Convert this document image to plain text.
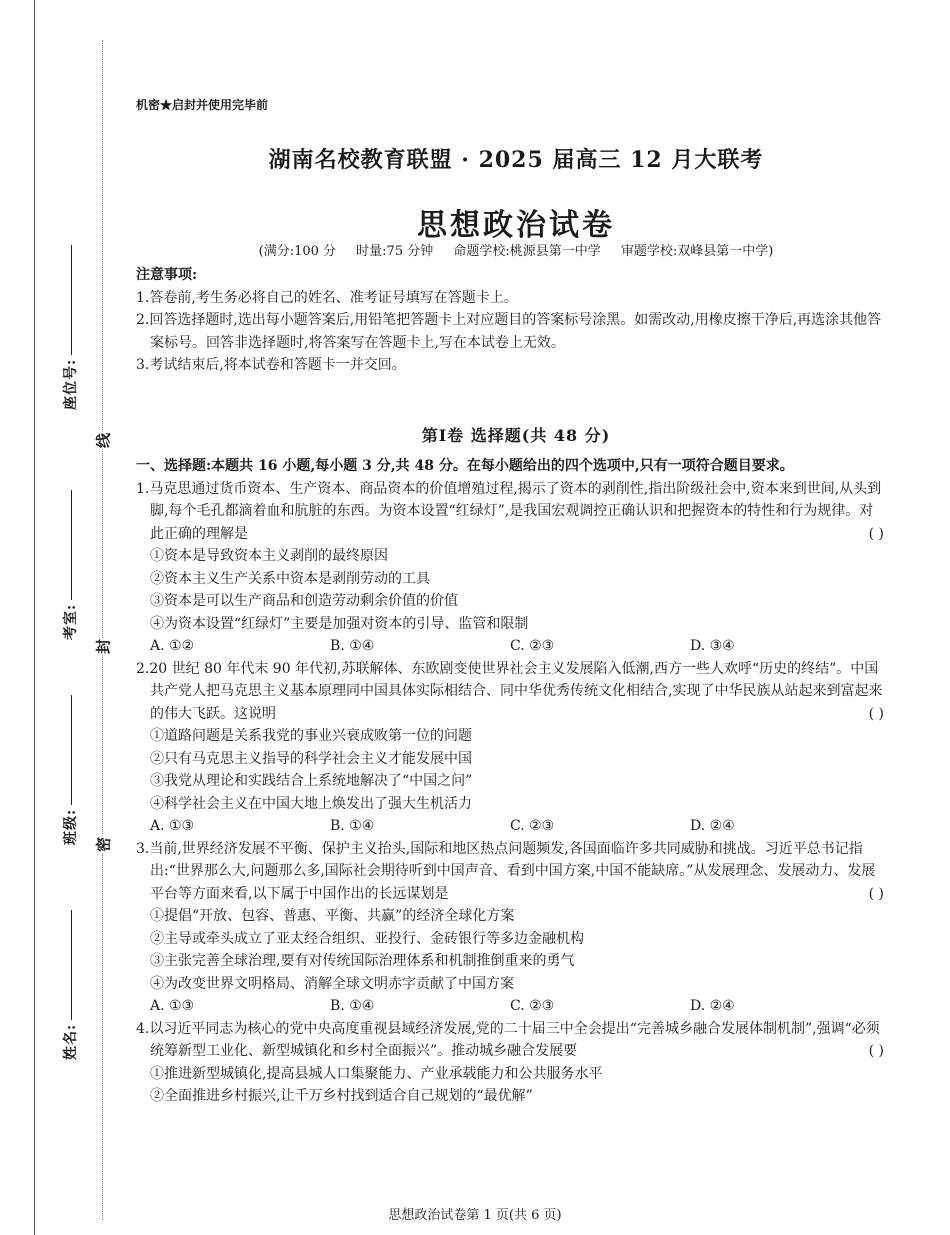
座位号:
考室:
班级:
姓名:
线
封
密
机密★启封并使用完毕前
湖南名校教育联盟 · 2025 届高三 12 月大联考
思想政治试卷
(满分:100 分 时量:75 分钟 命题学校:桃源县第一中学 审题学校:双峰县第一中学)
注意事项:
1.答卷前,考生务必将自己的姓名、准考证号填写在答题卡上。
2.回答选择题时,选出每小题答案后,用铅笔把答题卡上对应题目的答案标号涂黑。如需改动,用橡皮擦干净后,再选涂其他答案标号。回答非选择题时,将答案写在答题卡上,写在本试卷上无效。
3.考试结束后,将本试卷和答题卡一并交回。
第Ⅰ卷 选择题(共 48 分)
一、选择题:本题共 16 小题,每小题 3 分,共 48 分。在每小题给出的四个选项中,只有一项符合题目要求。
1.马克思通过货币资本、生产资本、商品资本的价值增殖过程,揭示了资本的剥削性,指出阶级社会中,资本来到世间,从头到脚,每个毛孔都滴着血和肮脏的东西。为资本设置“红绿灯”,是我国宏观调控正确认识和把握资本的特性和行为规律。对此正确的理解是	( )
①资本是导致资本主义剥削的最终原因
②资本主义生产关系中资本是剥削劳动的工具
③资本是可以生产商品和创造劳动剩余价值的价值
④为资本设置“红绿灯”主要是加强对资本的引导、监管和限制
A. ①②	B. ①④	C. ②③	D. ③④
2.20 世纪 80 年代末 90 年代初,苏联解体、东欧剧变使世界社会主义发展陷入低潮,西方一些人欢呼“历史的终结”。中国共产党人把马克思主义基本原理同中国具体实际相结合、同中华优秀传统文化相结合,实现了中华民族从站起来到富起来的伟大飞跃。这说明	( )
①道路问题是关系我党的事业兴衰成败第一位的问题
②只有马克思主义指导的科学社会主义才能发展中国
③我党从理论和实践结合上系统地解决了“中国之问”
④科学社会主义在中国大地上焕发出了强大生机活力
A. ①③	B. ①④	C. ②③	D. ②④
3.当前,世界经济发展不平衡、保护主义抬头,国际和地区热点问题频发,各国面临许多共同威胁和挑战。习近平总书记指出:“世界那么大,问题那么多,国际社会期待听到中国声音、看到中国方案,中国不能缺席。”从发展理念、发展动力、发展平台等方面来看,以下属于中国作出的长远谋划是	( )
①提倡“开放、包容、普惠、平衡、共赢”的经济全球化方案
②主导或牵头成立了亚太经合组织、亚投行、金砖银行等多边金融机构
③主张完善全球治理,要有对传统国际治理体系和机制推倒重来的勇气
④为改变世界文明格局、消解全球文明赤字贡献了中国方案
A. ①③	B. ①④	C. ②③	D. ②④
4.以习近平同志为核心的党中央高度重视县域经济发展,党的二十届三中全会提出“完善城乡融合发展体制机制”,强调“必须统筹新型工业化、新型城镇化和乡村全面振兴”。推动城乡融合发展要	( )
①推进新型城镇化,提高县城人口集聚能力、产业承载能力和公共服务水平
②全面推进乡村振兴,让千万乡村找到适合自己规划的“最优解”
思想政治试卷第 1 页(共 6 页)
